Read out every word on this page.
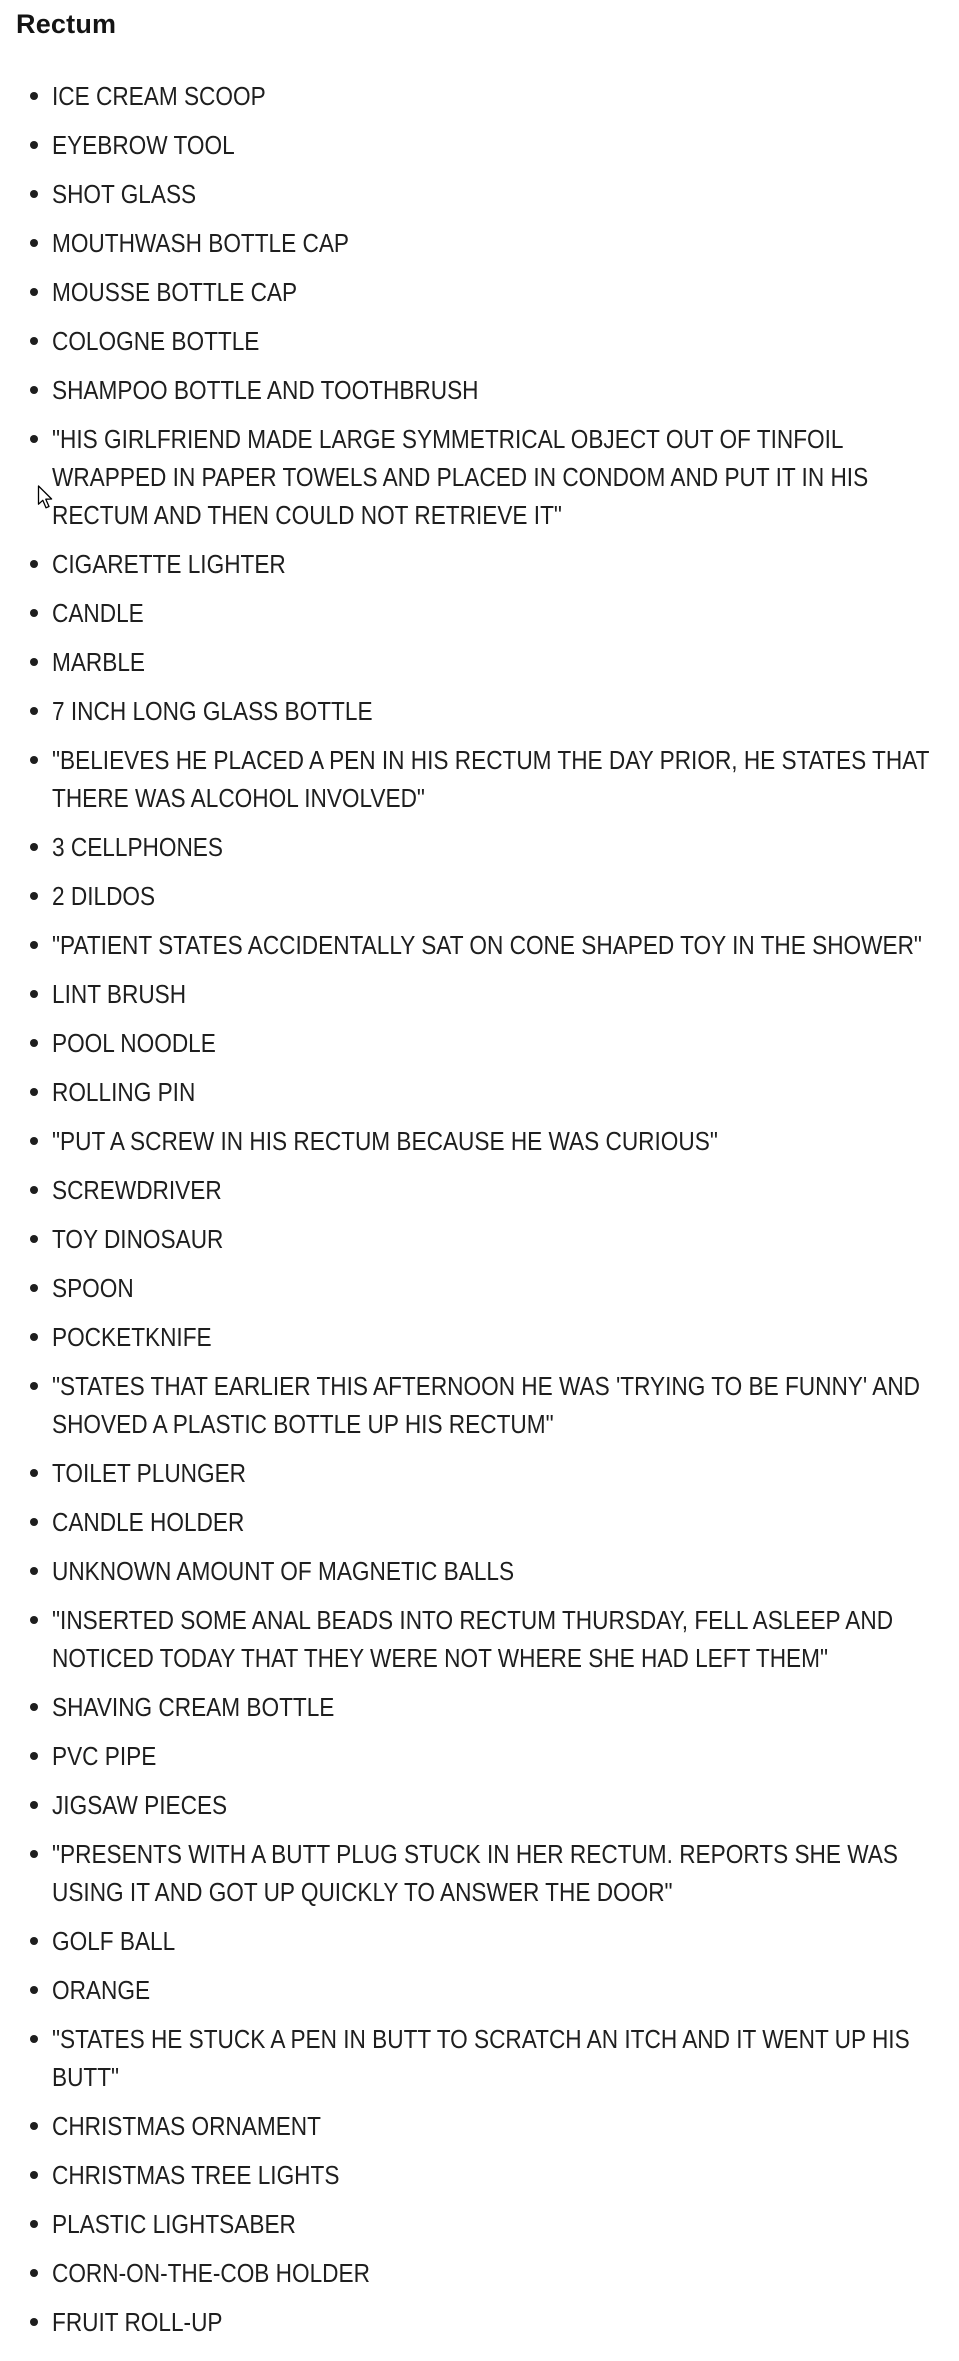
Rectum
ICE CREAM SCOOP
EYEBROW TOOL
SHOT GLASS
MOUTHWASH BOTTLE CAP
MOUSSE BOTTLE CAP
COLOGNE BOTTLE
SHAMPOO BOTTLE AND TOOTHBRUSH
"HIS GIRLFRIEND MADE LARGE SYMMETRICAL OBJECT OUT OF TINFOIL WRAPPED IN PAPER TOWELS AND PLACED IN CONDOM AND PUT IT IN HIS RECTUM AND THEN COULD NOT RETRIEVE IT"
CIGARETTE LIGHTER
CANDLE
MARBLE
7 INCH LONG GLASS BOTTLE
"BELIEVES HE PLACED A PEN IN HIS RECTUM THE DAY PRIOR, HE STATES THAT THERE WAS ALCOHOL INVOLVED"
3 CELLPHONES
2 DILDOS
"PATIENT STATES ACCIDENTALLY SAT ON CONE SHAPED TOY IN THE SHOWER"
LINT BRUSH
POOL NOODLE
ROLLING PIN
"PUT A SCREW IN HIS RECTUM BECAUSE HE WAS CURIOUS"
SCREWDRIVER
TOY DINOSAUR
SPOON
POCKETKNIFE
"STATES THAT EARLIER THIS AFTERNOON HE WAS 'TRYING TO BE FUNNY' AND SHOVED A PLASTIC BOTTLE UP HIS RECTUM"
TOILET PLUNGER
CANDLE HOLDER
UNKNOWN AMOUNT OF MAGNETIC BALLS
"INSERTED SOME ANAL BEADS INTO RECTUM THURSDAY, FELL ASLEEP AND NOTICED TODAY THAT THEY WERE NOT WHERE SHE HAD LEFT THEM"
SHAVING CREAM BOTTLE
PVC PIPE
JIGSAW PIECES
"PRESENTS WITH A BUTT PLUG STUCK IN HER RECTUM. REPORTS SHE WAS USING IT AND GOT UP QUICKLY TO ANSWER THE DOOR"
GOLF BALL
ORANGE
"STATES HE STUCK A PEN IN BUTT TO SCRATCH AN ITCH AND IT WENT UP HIS BUTT"
CHRISTMAS ORNAMENT
CHRISTMAS TREE LIGHTS
PLASTIC LIGHTSABER
CORN-ON-THE-COB HOLDER
FRUIT ROLL-UP
